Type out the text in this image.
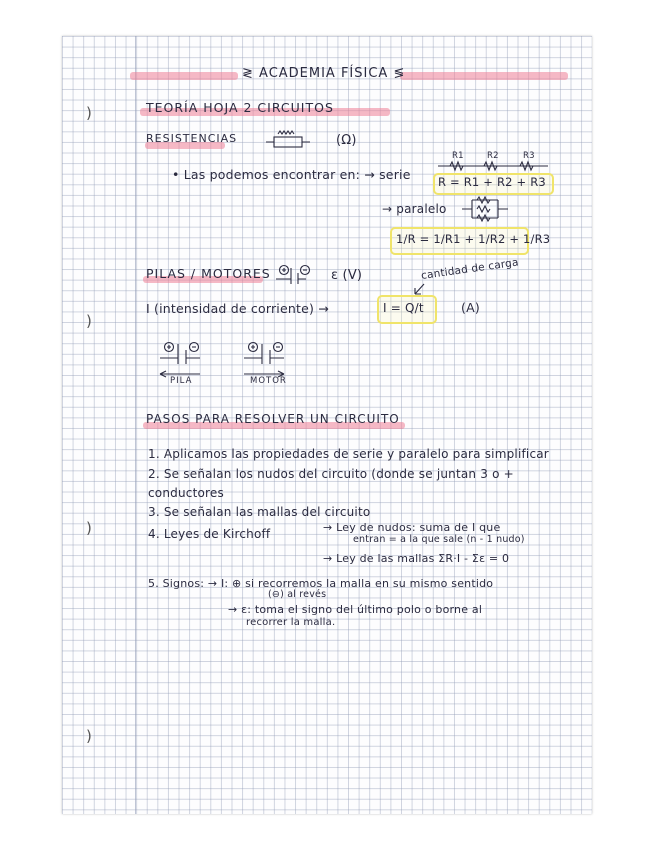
)
)
)
)
≷ ACADEMIA FÍSICA ≶
TEORÍA HOJA 2 CIRCUITOS
RESISTENCIAS	(Ω)
• Las podemos encontrar en: → serie
R1	R2	R3
R = R1 + R2 + R3
→ paralelo
1/R = 1/R1 + 1/R2 + 1/R3
PILAS / MOTORES	ε (V)	cantidad de carga
I (intensidad de corriente) →	I = Q/t	(A)
PILA	MOTOR
PASOS PARA RESOLVER UN CIRCUITO
1. Aplicamos las propiedades de serie y paralelo para simplificar
2. Se señalan los nudos del circuito (donde se juntan 3 o +
conductores
3. Se señalan las mallas del circuito
4. Leyes de Kirchoff	→ Ley de nudos: suma de I que
entran = a la que sale (n - 1 nudo)
→ Ley de las mallas ΣR·I - Σε = 0
5. Signos: → I: ⊕ si recorremos la malla en su mismo sentido
(⊖) al revés
→ ε: toma el signo del último polo o borne al
recorrer la malla.
